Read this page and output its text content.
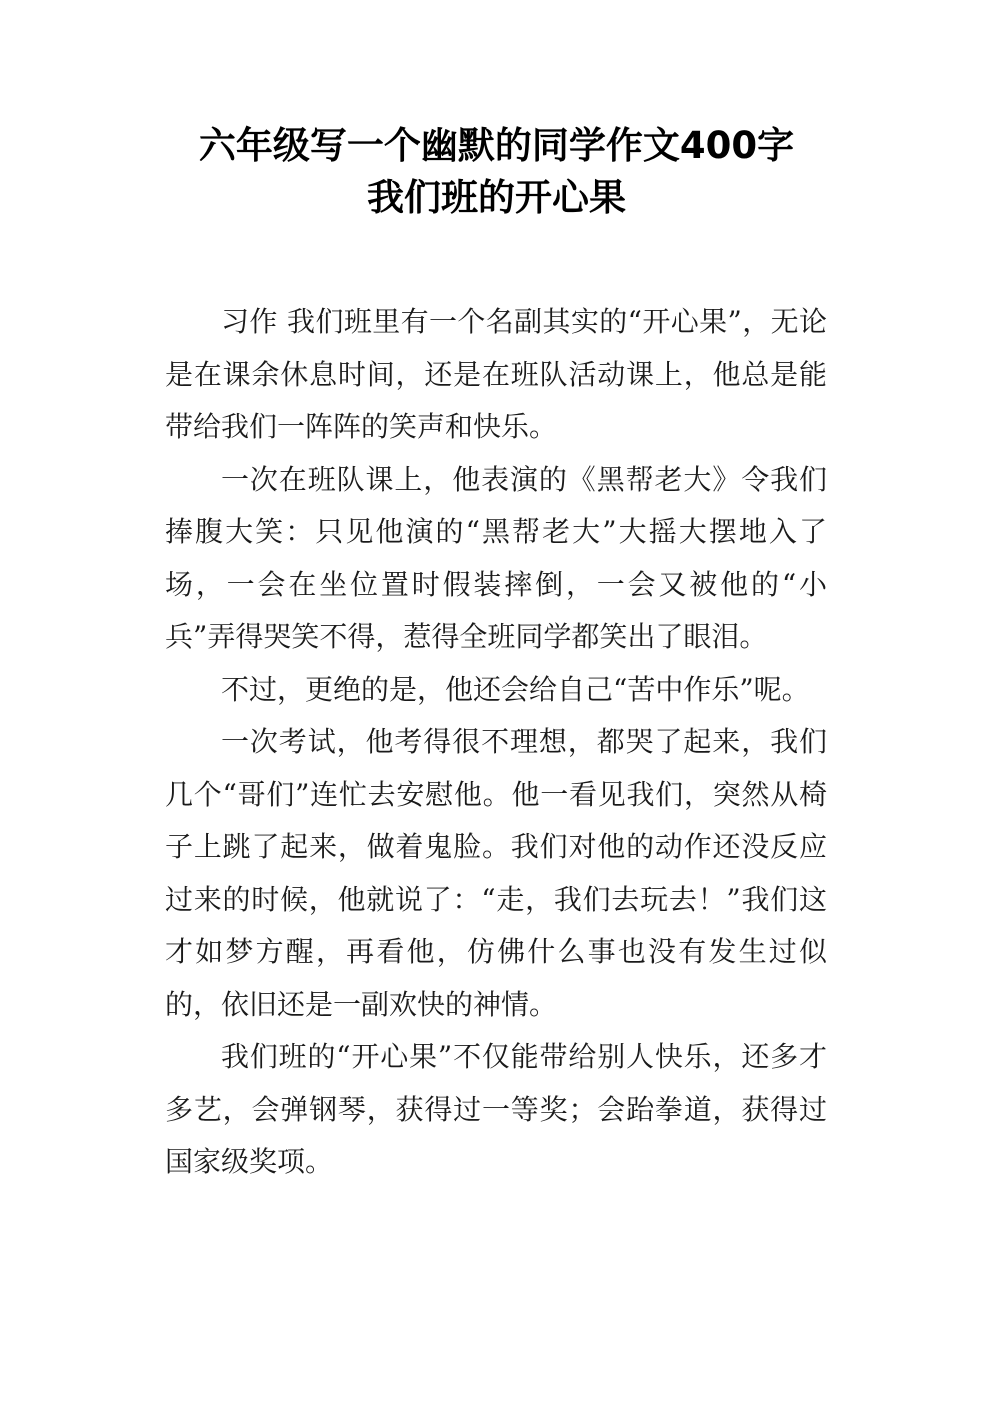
六年级写一个幽默的同学作文400字
我们班的开心果

习作 我们班里有一个名副其实的“开心果”，无论是在课余休息时间，还是在班队活动课上，他总是能带给我们一阵阵的笑声和快乐。

一次在班队课上，他表演的《黑帮老大》令我们捧腹大笑：只见他演的“黑帮老大”大摇大摆地入了场，一会在坐位置时假装摔倒，一会又被他的“小兵”弄得哭笑不得，惹得全班同学都笑出了眼泪。

不过，更绝的是，他还会给自己“苦中作乐”呢。

一次考试，他考得很不理想，都哭了起来，我们几个“哥们”连忙去安慰他。他一看见我们，突然从椅子上跳了起来，做着鬼脸。我们对他的动作还没反应过来的时候，他就说了：“走，我们去玩去！”我们这才如梦方醒，再看他，仿佛什么事也没有发生过似的，依旧还是一副欢快的神情。

我们班的“开心果”不仅能带给别人快乐，还多才多艺，会弹钢琴，获得过一等奖；会跆拳道，获得过国家级奖项。
